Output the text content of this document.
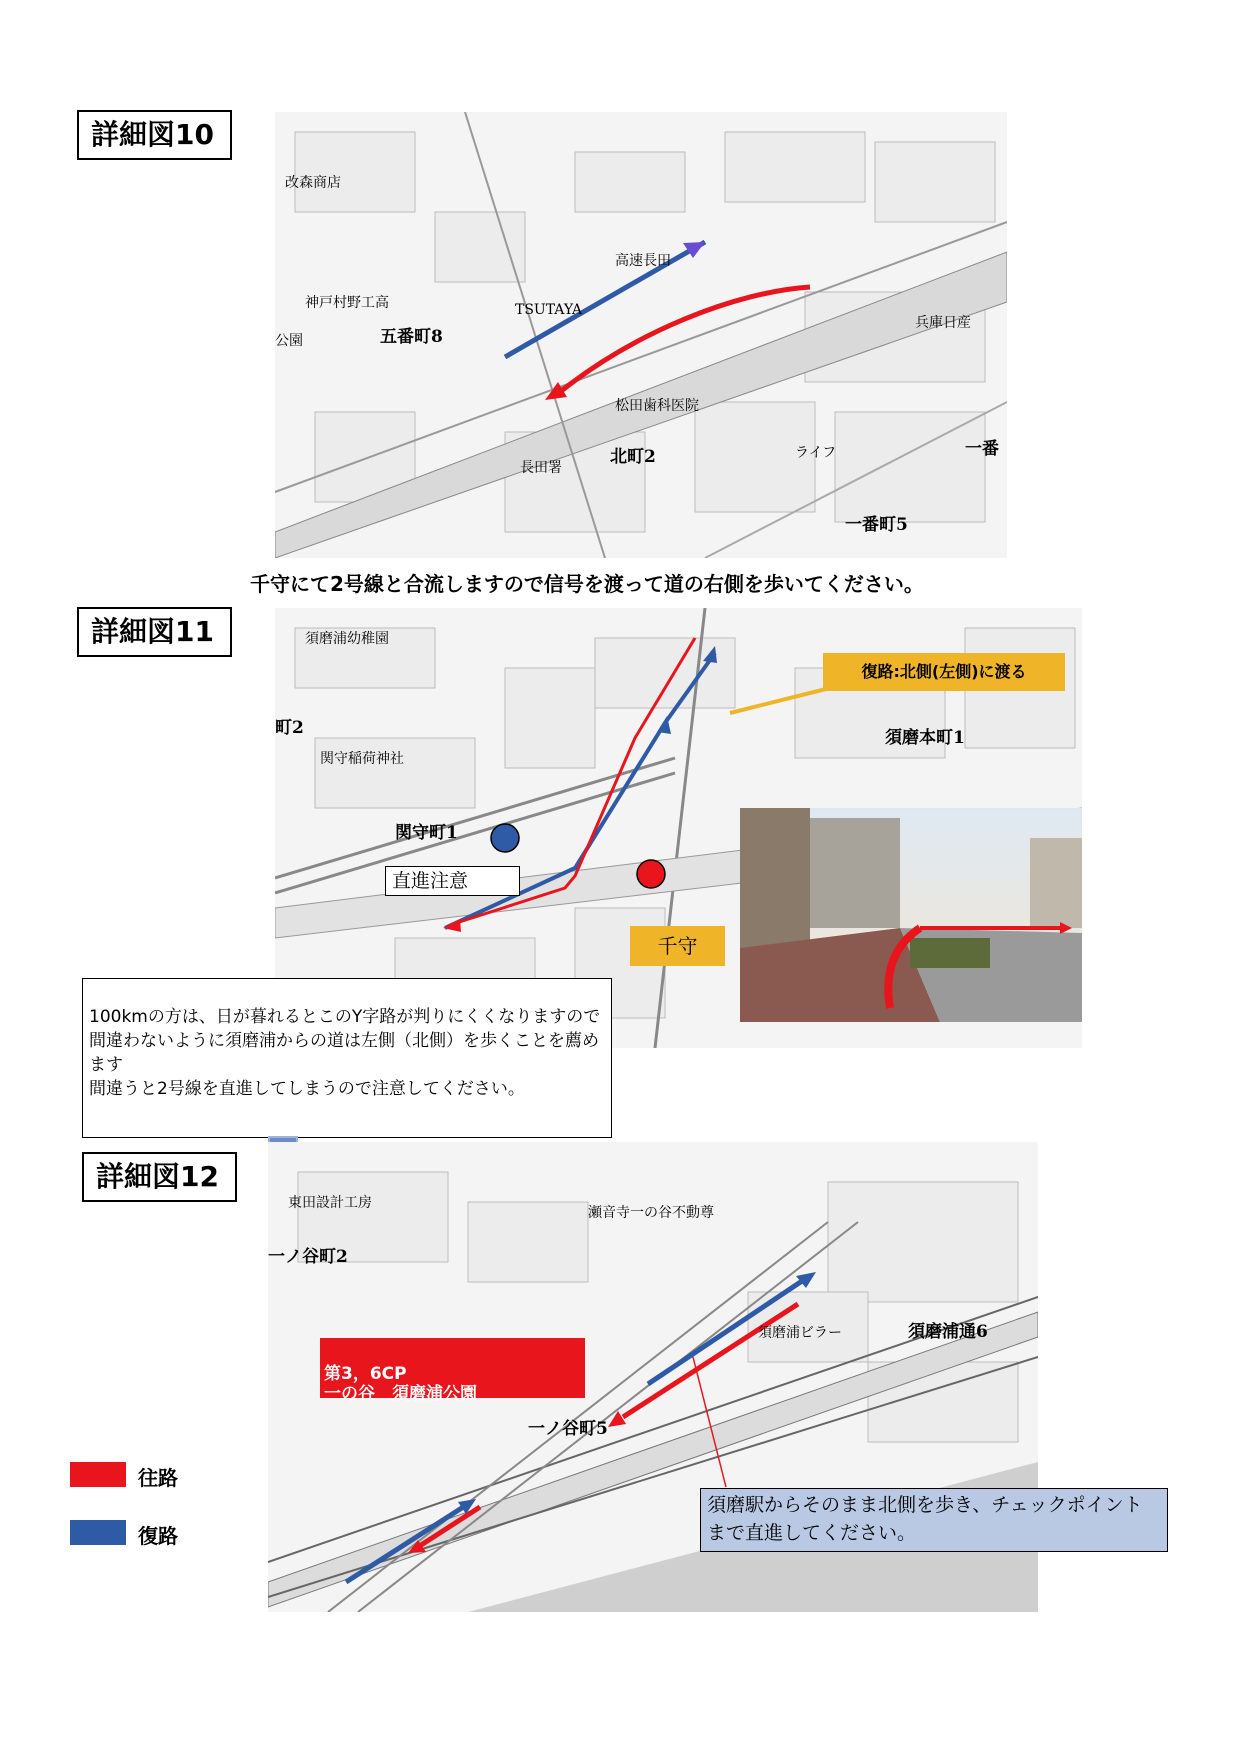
詳細図10
五番町8
北町2	一番
一番町5
公園
TSUTAYA
兵庫日産
長田署
ライフ
高速長田
松田歯科医院
神戸村野工高
改森商店
千守にて2号線と合流しますので信号を渡って道の右側を歩いてください。
詳細図11
復路:北側(左側)に渡る
直進注意
千守
須磨本町1
関守町1
町2
関守稲荷神社
須磨浦幼稚園

100kmの方は、日が暮れるとこのY字路が判りにくくなりますので間違わないように須磨浦からの道は左側（北側）を歩くことを薦めます
間違うと2号線を直進してしまうので注意してください。

詳細図12

第3，6CP
一の谷　須磨浦公園

一ノ谷町2
須磨浦通6
一ノ谷町5
東田設計工房
瀬音寺一の谷不動尊
須磨浦ビラー
須磨駅からそのまま北側を歩き、チェックポイントまで直進してください。
往路
復路
